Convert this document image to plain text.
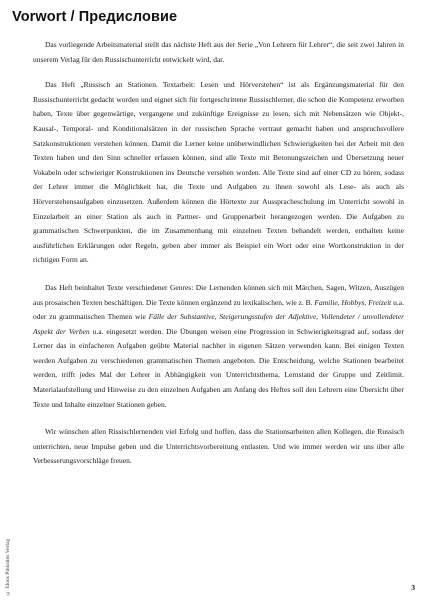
Vorwort / Предисловие

Das vorliegende Arbeitsmaterial stellt das nächste Heft aus der Serie „Von Lehrern für Lehrer“, die seit zwei Jahren in unserem Verlag für den Russischunterricht entwickelt wird, dar.

Das Heft „Russisch an Stationen. Textarbeit: Lesen und Hörverstehen“ ist als Ergänzungsmaterial für den Russischunterricht gedacht worden und eignet sich für fortgeschrittene Russischlerner, die schon die Kompetenz erworben haben, Texte über gegenwärtige, vergangene und zukünftige Ereignisse zu lesen, sich mit Nebensätzen wie Objekt-, Kausal-, Temporal- und Konditionalsätzen in der russischen Sprache vertraut gemacht haben und anspruchsvollere Satzkonstruktionen verstehen können. Damit die Lerner keine unüberwindlichen Schwierigkeiten bei der Arbeit mit den Texten haben und den Sinn schneller erfassen können, sind alle Texte mit Betonungszeichen und Übersetzung neuer Vokabeln oder schwieriger Konstruktionen ins Deutsche versehen worden. Alle Texte sind auf einer CD zu hören, sodass der Lehrer immer die Möglichkeit hat, die Texte und Aufgaben zu ihnen sowohl als Lese- als auch als Hörverstehensaufgaben einzusetzen. Außerdem können die Hörtexte zur Ausspracheschulung im Unterricht sowohl in Einzelarbeit an einer Station als auch in Partner- und Gruppenarbeit herangezogen werden. Die Aufgaben zu grammatischen Schwerpunkten, die im Zusammenhang mit einzelnen Texten behandelt werden, enthalten keine ausführlichen Erklärungen oder Regeln, geben aber immer als Beispiel ein Wort oder eine Wortkonstruktion in der richtigen Form an.

Das Heft beinhaltet Texte verschiedener Genres: Die Lernenden können sich mit Märchen, Sagen, Witzen, Auszügen aus prosaischen Texten beschäftigen. Die Texte können ergänzend zu lexikalischen, wie z. B. Familie, Hobbys, Freizeit u.a. oder zu grammatischen Themen wie Fälle der Substantive, Steigerungsstufen der Adjektive, Vollendeter / unvollendeter Aspekt der Verben u.a. eingesetzt werden. Die Übungen weisen eine Progression in Schwierigkeitsgrad auf, sodass der Lerner das in einfacheren Aufgaben geübte Material nachher in eigenen Sätzen verwenden kann. Bei einigen Texten werden Aufgaben zu verschiedenen grammatischen Themen angeboten. Die Entscheidung, welche Stationen bearbeitet werden, trifft jedes Mal der Lehrer in Abhängigkeit von Unterrichtsthema, Lernstand der Gruppe und Zeitlimit. Materialaufstellung und Hinweise zu den einzelnen Aufgaben am Anfang des Heftes soll den Lehrern eine Übersicht über Texte und Inhalte einzelner Stationen geben.

Wir wünschen allen Rissischlernenden viel Erfolg und hoffen, dass die Stationsarbeiten allen Kollegen, die Russisch unterrichten, neue Impulse geben und die Unterrichtsvorbereitung entlasten. Und wie immer werden wir uns über alle Verbesserungsvorschläge freuen.

© Elons Pinkstins Verlag	3
